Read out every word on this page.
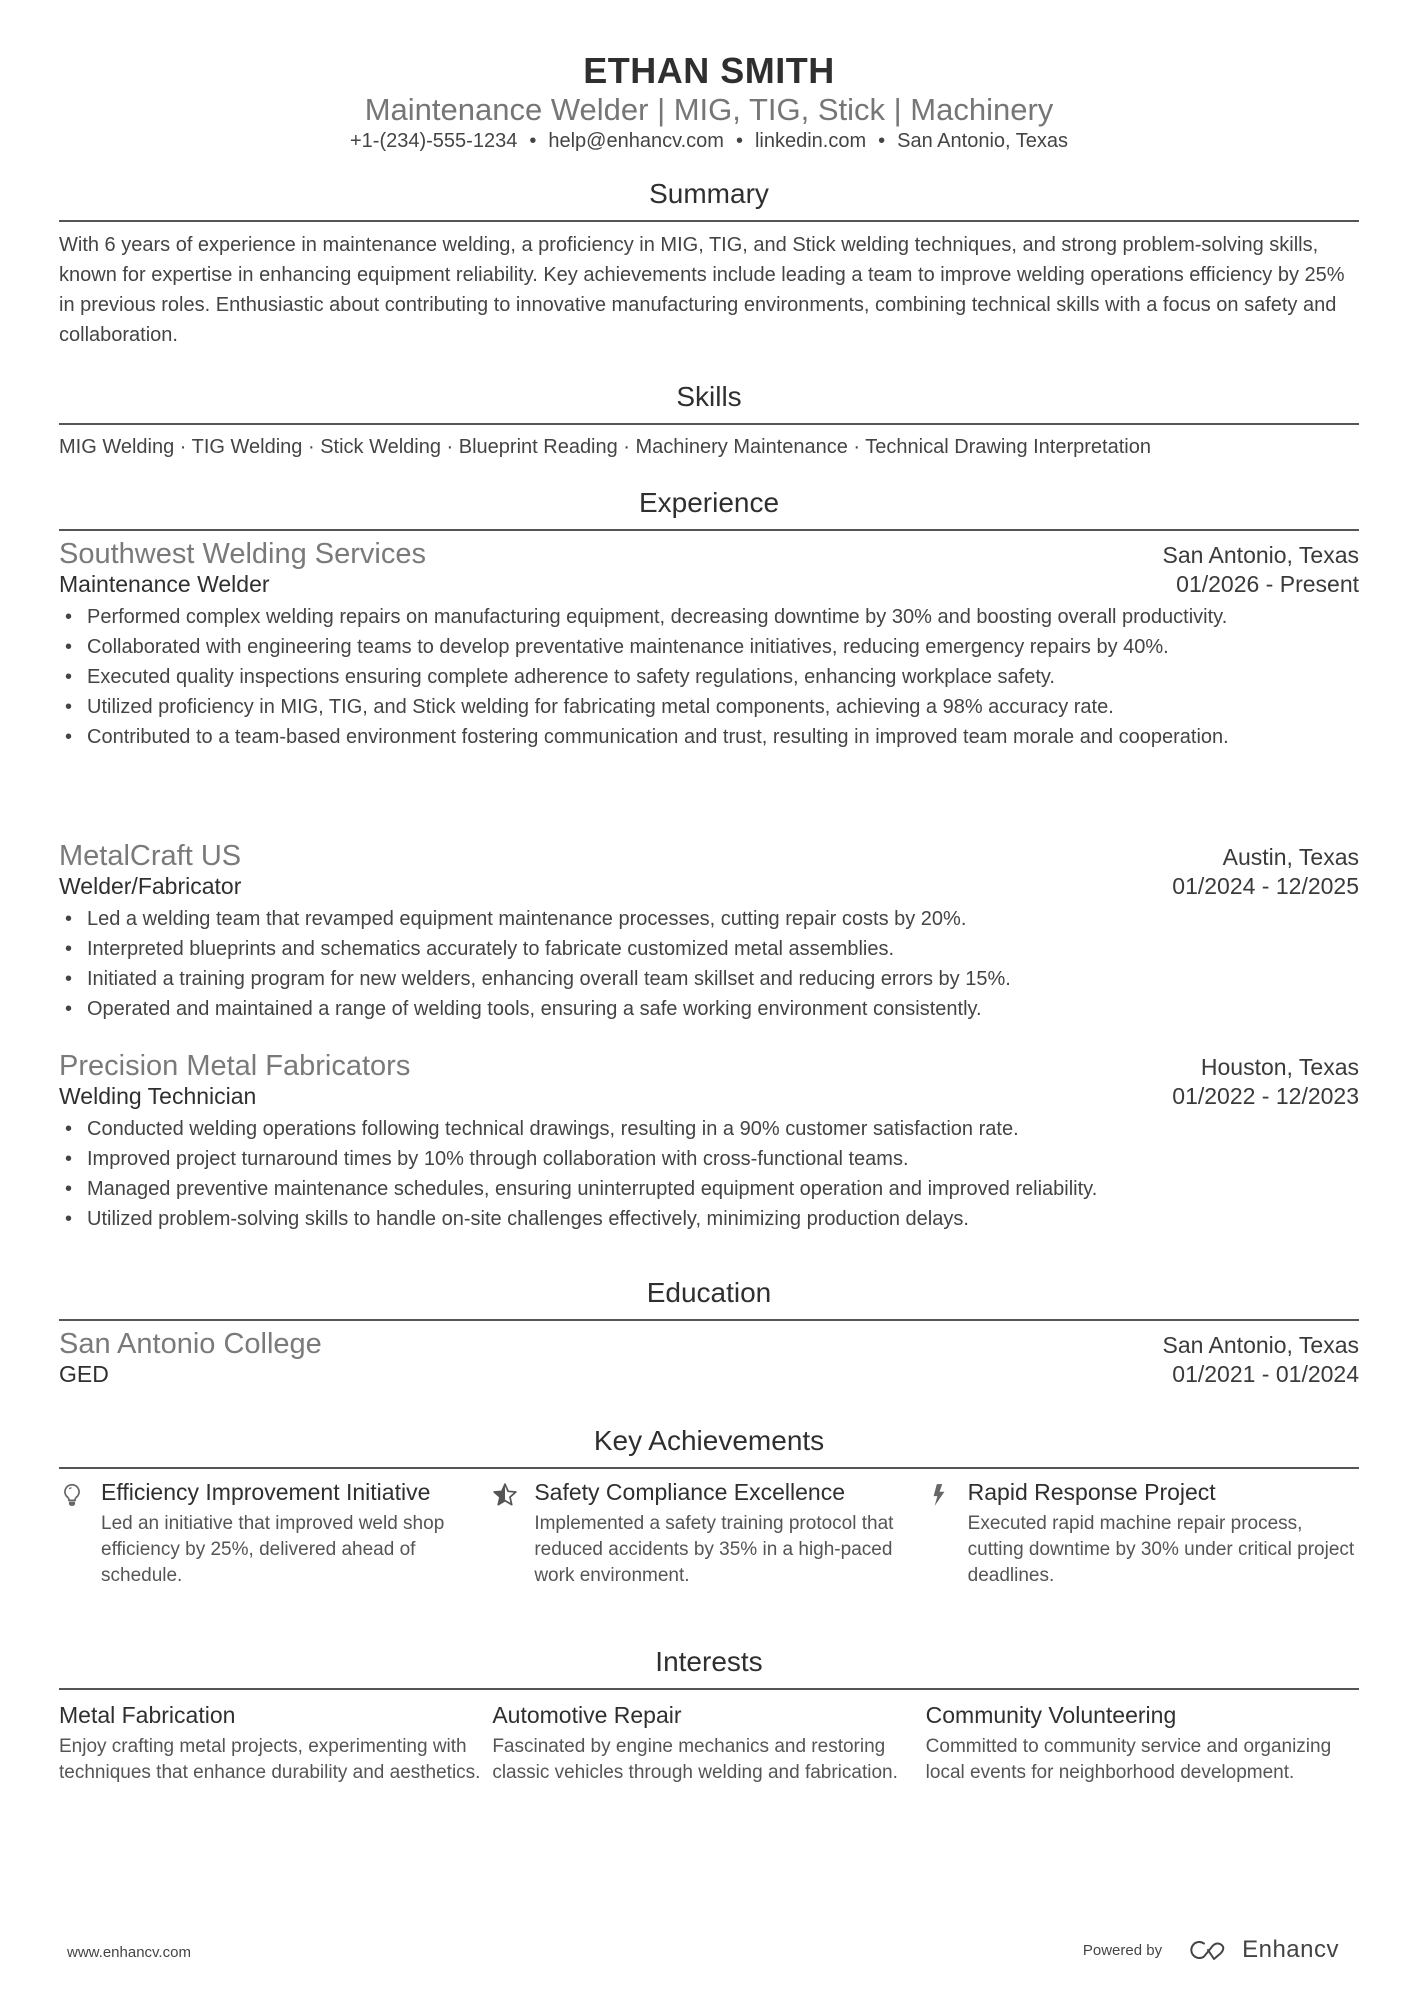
ETHAN SMITH
Maintenance Welder | MIG, TIG, Stick | Machinery
+1-(234)-555-1234 • help@enhancv.com • linkedin.com • San Antonio, Texas
Summary
With 6 years of experience in maintenance welding, a proficiency in MIG, TIG, and Stick welding techniques, and strong problem-solving skills, known for expertise in enhancing equipment reliability. Key achievements include leading a team to improve welding operations efficiency by 25% in previous roles. Enthusiastic about contributing to innovative manufacturing environments, combining technical skills with a focus on safety and collaboration.
Skills
MIG Welding · TIG Welding · Stick Welding · Blueprint Reading · Machinery Maintenance · Technical Drawing Interpretation
Experience
Southwest Welding Services	San Antonio, Texas
Maintenance Welder	01/2026 - Present
• Performed complex welding repairs on manufacturing equipment, decreasing downtime by 30% and boosting overall productivity.
• Collaborated with engineering teams to develop preventative maintenance initiatives, reducing emergency repairs by 40%.
• Executed quality inspections ensuring complete adherence to safety regulations, enhancing workplace safety.
• Utilized proficiency in MIG, TIG, and Stick welding for fabricating metal components, achieving a 98% accuracy rate.
• Contributed to a team-based environment fostering communication and trust, resulting in improved team morale and cooperation.
MetalCraft US	Austin, Texas
Welder/Fabricator	01/2024 - 12/2025
• Led a welding team that revamped equipment maintenance processes, cutting repair costs by 20%.
• Interpreted blueprints and schematics accurately to fabricate customized metal assemblies.
• Initiated a training program for new welders, enhancing overall team skillset and reducing errors by 15%.
• Operated and maintained a range of welding tools, ensuring a safe working environment consistently.
Precision Metal Fabricators	Houston, Texas
Welding Technician	01/2022 - 12/2023
• Conducted welding operations following technical drawings, resulting in a 90% customer satisfaction rate.
• Improved project turnaround times by 10% through collaboration with cross-functional teams.
• Managed preventive maintenance schedules, ensuring uninterrupted equipment operation and improved reliability.
• Utilized problem-solving skills to handle on-site challenges effectively, minimizing production delays.
Education
San Antonio College	San Antonio, Texas
GED	01/2021 - 01/2024
Key Achievements
Efficiency Improvement Initiative
Led an initiative that improved weld shop efficiency by 25%, delivered ahead of schedule.
Safety Compliance Excellence
Implemented a safety training protocol that reduced accidents by 35% in a high-paced work environment.
Rapid Response Project
Executed rapid machine repair process, cutting downtime by 30% under critical project deadlines.
Interests
Metal Fabrication
Enjoy crafting metal projects, experimenting with techniques that enhance durability and aesthetics.
Automotive Repair
Fascinated by engine mechanics and restoring classic vehicles through welding and fabrication.
Community Volunteering
Committed to community service and organizing local events for neighborhood development.
www.enhancv.com	Powered by	Enhancv
